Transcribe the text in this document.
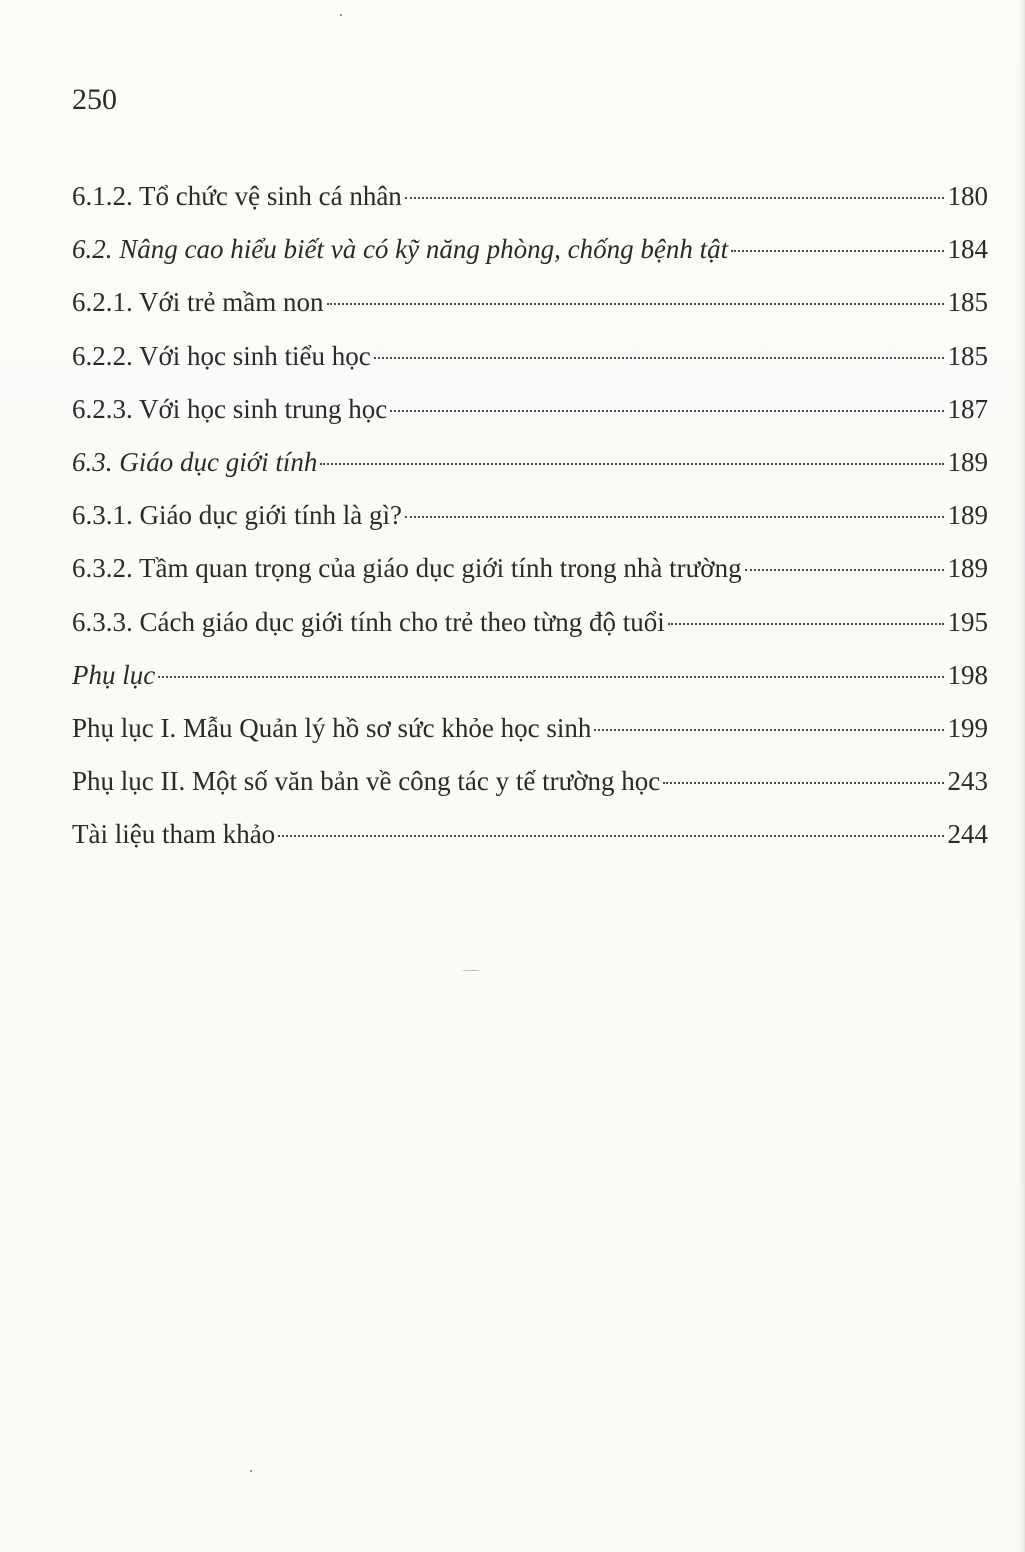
250
6.1.2. Tổ chức vệ sinh cá nhân	180
6.2. Nâng cao hiểu biết và có kỹ năng phòng, chống bệnh tật	184
6.2.1. Với trẻ mầm non	185
6.2.2. Với học sinh tiểu học	185
6.2.3. Với học sinh trung học	187
6.3. Giáo dục giới tính	189
6.3.1. Giáo dục giới tính là gì?	189
6.3.2. Tầm quan trọng của giáo dục giới tính trong nhà trường	189
6.3.3. Cách giáo dục giới tính cho trẻ theo từng độ tuổi	195
Phụ lục	198
Phụ lục I. Mẫu Quản lý hồ sơ sức khỏe học sinh	199
Phụ lục II. Một số văn bản về công tác y tế trường học	243
Tài liệu tham khảo	244
